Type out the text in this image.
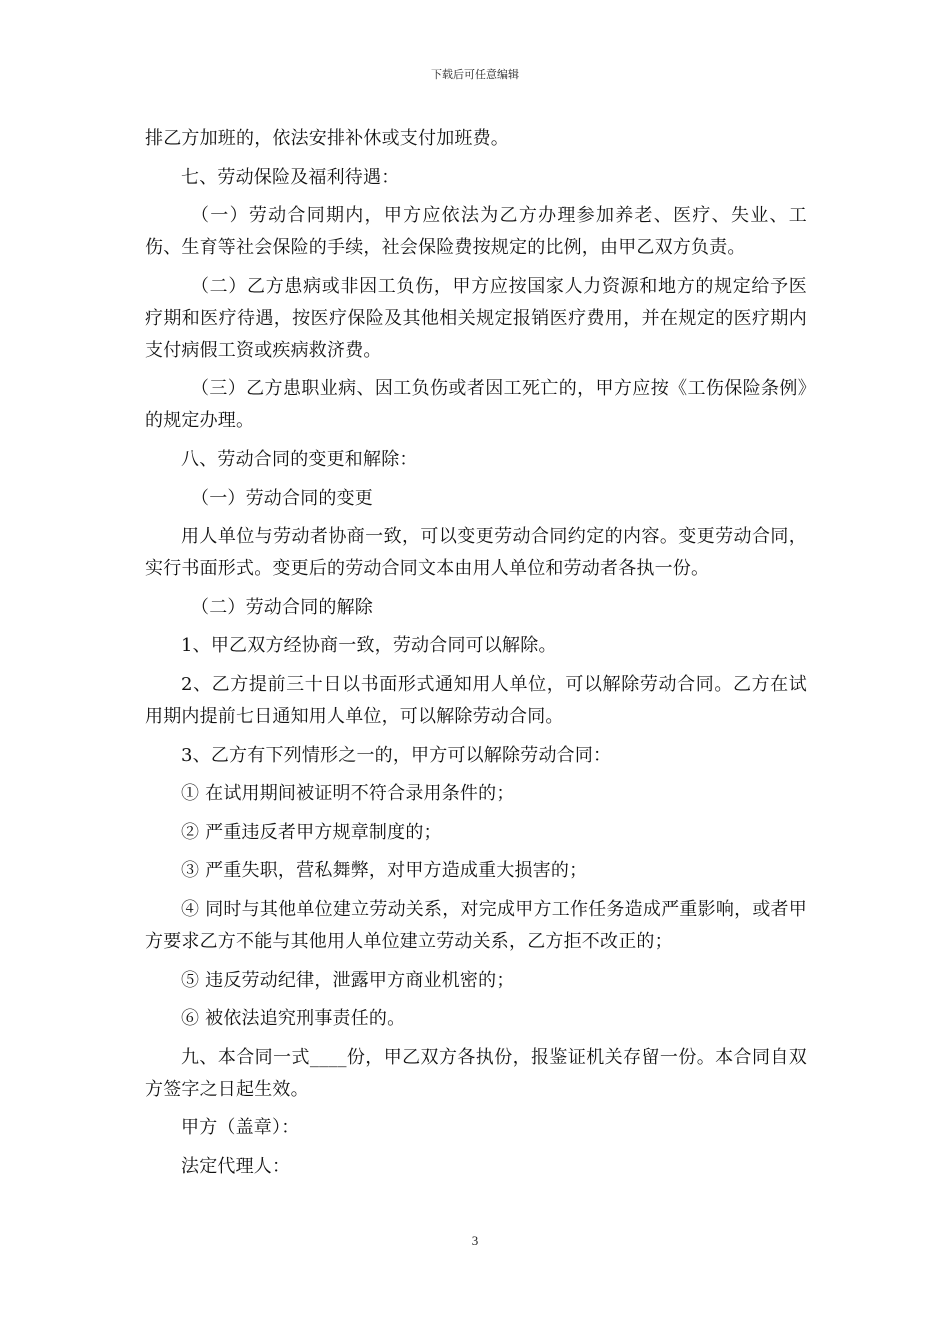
下载后可任意编辑

排乙方加班的，依法安排补休或支付加班费。

七、劳动保险及福利待遇：

（一）劳动合同期内，甲方应依法为乙方办理参加养老、医疗、失业、工伤、生育等社会保险的手续，社会保险费按规定的比例，由甲乙双方负责。

（二）乙方患病或非因工负伤，甲方应按国家人力资源和地方的规定给予医疗期和医疗待遇，按医疗保险及其他相关规定报销医疗费用，并在规定的医疗期内支付病假工资或疾病救济费。

（三）乙方患职业病、因工负伤或者因工死亡的，甲方应按《工伤保险条例》的规定办理。

八、劳动合同的变更和解除：

（一）劳动合同的变更

用人单位与劳动者协商一致，可以变更劳动合同约定的内容。变更劳动合同，实行书面形式。变更后的劳动合同文本由用人单位和劳动者各执一份。

（二）劳动合同的解除

1、甲乙双方经协商一致，劳动合同可以解除。

2、乙方提前三十日以书面形式通知用人单位，可以解除劳动合同。乙方在试用期内提前七日通知用人单位，可以解除劳动合同。

3、乙方有下列情形之一的，甲方可以解除劳动合同：

① 在试用期间被证明不符合录用条件的；

② 严重违反者甲方规章制度的；

③ 严重失职，营私舞弊，对甲方造成重大损害的；

④ 同时与其他单位建立劳动关系，对完成甲方工作任务造成严重影响，或者甲方要求乙方不能与其他用人单位建立劳动关系，乙方拒不改正的；

⑤ 违反劳动纪律，泄露甲方商业机密的；

⑥ 被依法追究刑事责任的。

九、本合同一式____份，甲乙双方各执份，报鉴证机关存留一份。本合同自双方签字之日起生效。

甲方（盖章）：

法定代理人：

3
